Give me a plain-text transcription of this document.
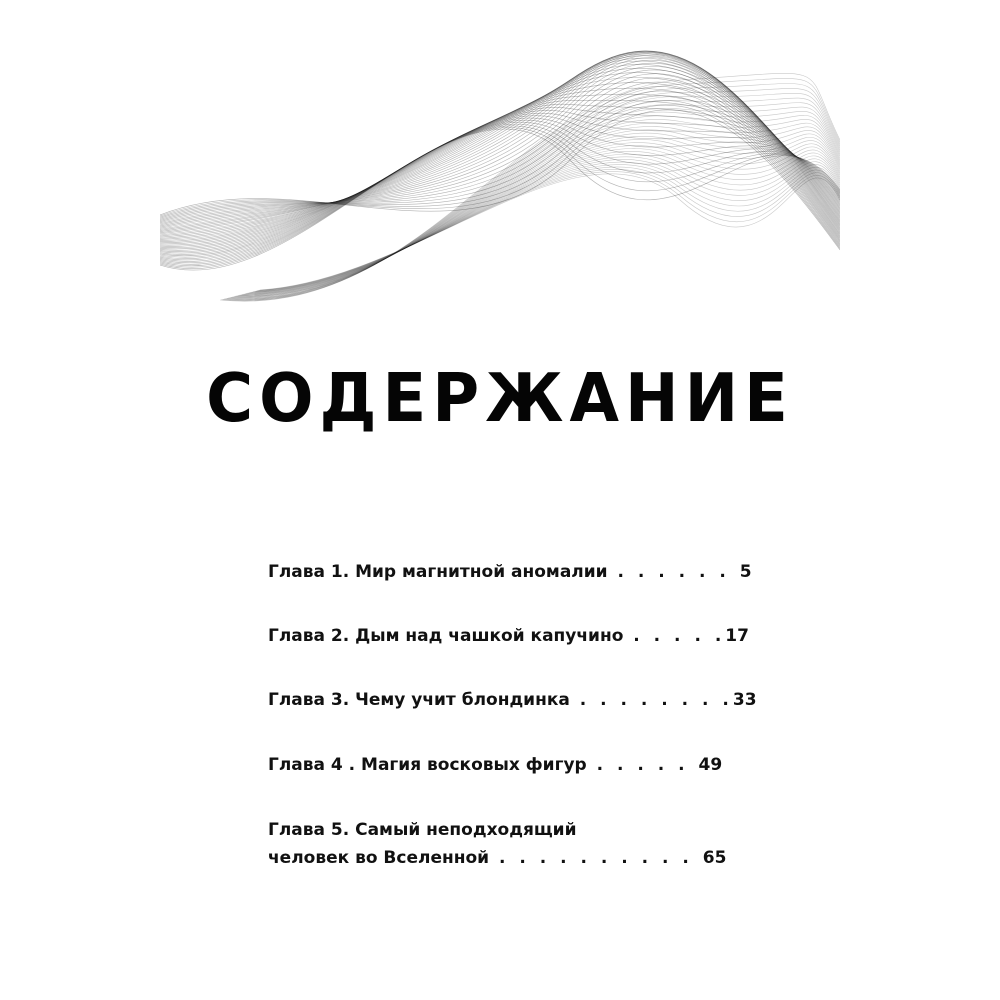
СОДЕРЖАНИЕ
Глава 1. Мир магнитной аномалии . . . . . . 5
Глава 2. Дым над чашкой капучино . . . . .17
Глава 3. Чему учит блондинка . . . . . . . .33
Глава 4 . Магия восковых фигур . . . . . 49
Глава 5. Самый неподходящий
человек во Вселенной . . . . . . . . . . 65
